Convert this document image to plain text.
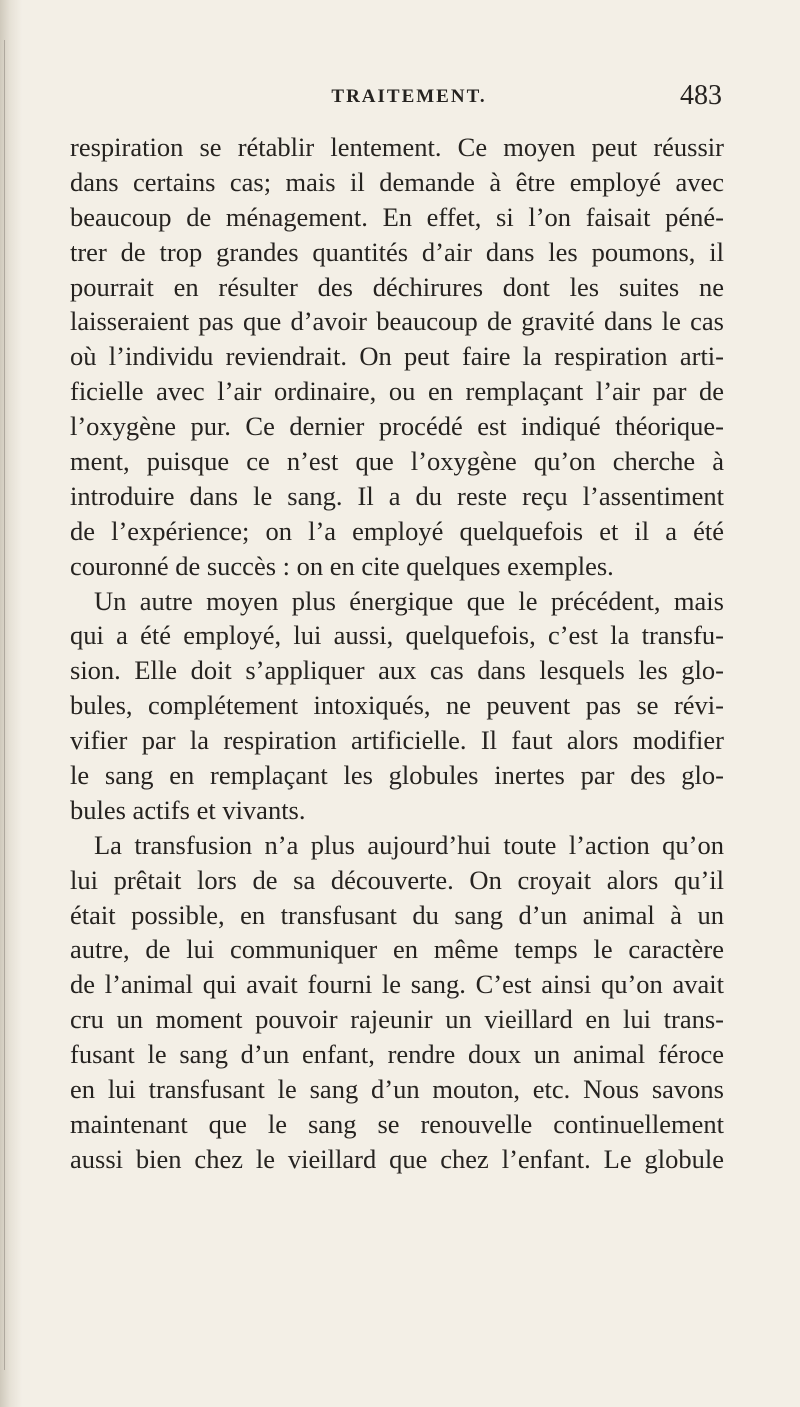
TRAITEMENT.	483
respiration se rétablir lentement. Ce moyen peut réussir
dans certains cas; mais il demande à être employé avec
beaucoup de ménagement. En effet, si l’on faisait péné-
trer de trop grandes quantités d’air dans les poumons, il
pourrait en résulter des déchirures dont les suites ne
laisseraient pas que d’avoir beaucoup de gravité dans le cas
où l’individu reviendrait. On peut faire la respiration arti-
ficielle avec l’air ordinaire, ou en remplaçant l’air par de
l’oxygène pur. Ce dernier procédé est indiqué théorique-
ment, puisque ce n’est que l’oxygène qu’on cherche à
introduire dans le sang. Il a du reste reçu l’assentiment
de l’expérience; on l’a employé quelquefois et il a été
couronné de succès : on en cite quelques exemples.
Un autre moyen plus énergique que le précédent, mais
qui a été employé, lui aussi, quelquefois, c’est la transfu-
sion. Elle doit s’appliquer aux cas dans lesquels les glo-
bules, complétement intoxiqués, ne peuvent pas se révi-
vifier par la respiration artificielle. Il faut alors modifier
le sang en remplaçant les globules inertes par des glo-
bules actifs et vivants.
La transfusion n’a plus aujourd’hui toute l’action qu’on
lui prêtait lors de sa découverte. On croyait alors qu’il
était possible, en transfusant du sang d’un animal à un
autre, de lui communiquer en même temps le caractère
de l’animal qui avait fourni le sang. C’est ainsi qu’on avait
cru un moment pouvoir rajeunir un vieillard en lui trans-
fusant le sang d’un enfant, rendre doux un animal féroce
en lui transfusant le sang d’un mouton, etc. Nous savons
maintenant que le sang se renouvelle continuellement
aussi bien chez le vieillard que chez l’enfant. Le globule
